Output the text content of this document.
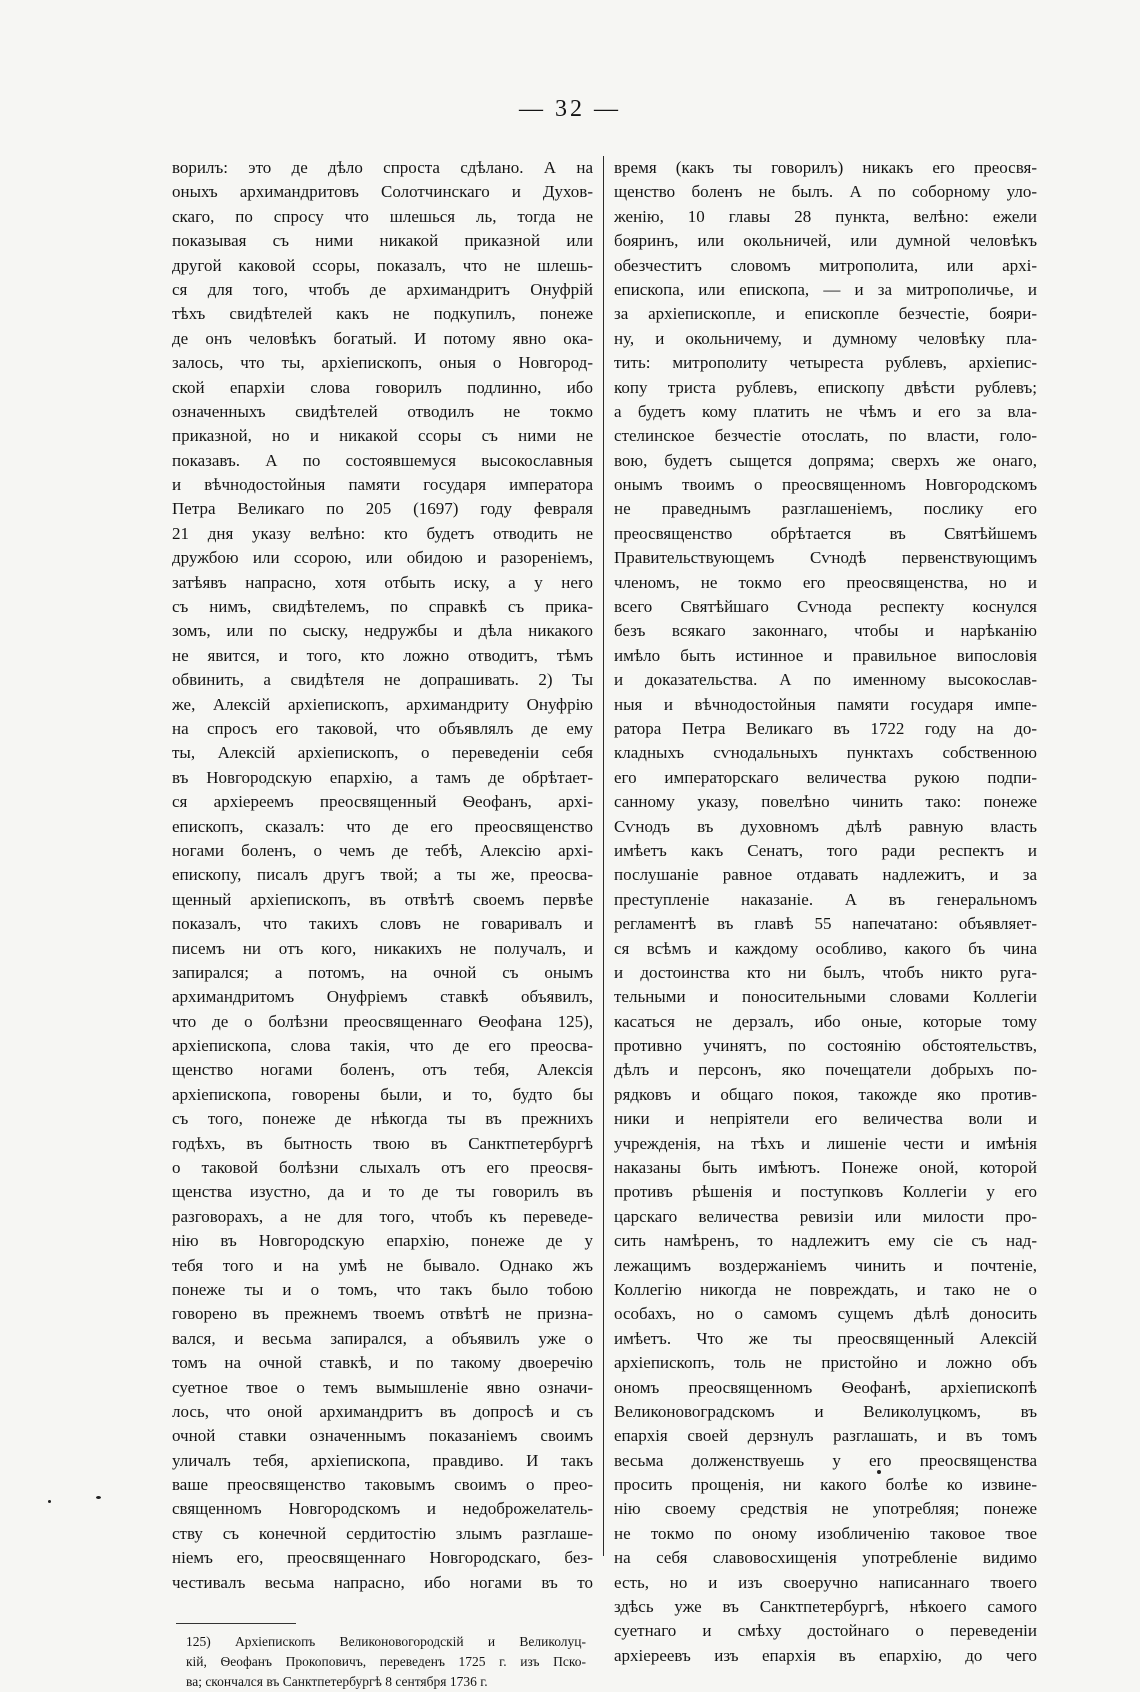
— 32 —
ворилъ: это де дѣло спроста сдѣлано. А на
оныхъ архимандритовъ Солотчинскаго и Духов-
скаго, по спросу что шлешься ль, тогда не
показывая съ ними никакой приказной или
другой каковой ссоры, показалъ, что не шлешь-
ся для того, чтобъ де архимандритъ Онуфрій
тѣхъ свидѣтелей какъ не подкупилъ, понеже
де онъ человѣкъ богатый. И потому явно ока-
залось, что ты, архіепископъ, оныя о Новгород-
ской епархіи слова говорилъ подлинно, ибо
означенныхъ свидѣтелей отводилъ не токмо
приказной, но и никакой ссоры съ ними не
показавъ. А по состоявшемуся высокославныя
и вѣчнодостойныя памяти государя императора
Петра Великаго по 205 (1697) году февраля
21 дня указу велѣно: кто будетъ отводить не
дружбою или ссорою, или обидою и разореніемъ,
затѣявъ напрасно, хотя отбыть иску, а у него
съ нимъ, свидѣтелемъ, по справкѣ съ прика-
зомъ, или по сыску, недружбы и дѣла никакого
не явится, и того, кто ложно отводитъ, тѣмъ
обвинить, а свидѣтеля не допрашивать. 2) Ты
же, Алексій архіепископъ, архимандриту Онуфрію
на спросъ его таковой, что объявлялъ де ему
ты, Алексій архіепископъ, о переведеніи себя
въ Новгородскую епархію, а тамъ де обрѣтает-
ся архіереемъ преосвященный Ѳеофанъ, архі-
епископъ, сказалъ: что де его преосвященство
ногами боленъ, о чемъ де тебѣ, Алексію архі-
епископу, писалъ другъ твой; а ты же, преосва-
щенный архіепископъ, въ отвѣтѣ своемъ первѣе
показалъ, что такихъ словъ не говаривалъ и
писемъ ни отъ кого, никакихъ не получалъ, и
запирался; а потомъ, на очной съ онымъ
архимандритомъ Онуфріемъ ставкѣ объявилъ,
что де о болѣзни преосвященнаго Ѳеофана 125),
архіепископа, слова такія, что де его преосва-
щенство ногами боленъ, отъ тебя, Алексія
архіепископа, говорены были, и то, будто бы
съ того, понеже де нѣкогда ты въ прежнихъ
годѣхъ, въ бытность твою въ Санктпетербургѣ
о таковой болѣзни слыхалъ отъ его преосвя-
щенства изустно, да и то де ты говорилъ въ
разговорахъ, а не для того, чтобъ къ переведе-
нію въ Новгородскую епархію, понеже де у
тебя того и на умѣ не бывало. Однако жъ
понеже ты и о томъ, что такъ было тобою
говорено въ прежнемъ твоемъ отвѣтѣ не призна-
вался, и весьма запирался, а объявилъ уже о
томъ на очной ставкѣ, и по такому двоеречію
суетное твое о темъ вымышленіе явно означи-
лось, что оной архимандритъ въ допросѣ и съ
очной ставки означеннымъ показаніемъ своимъ
уличалъ тебя, архіепископа, правдиво. И такъ
ваше преосвященство таковымъ своимъ о прео-
священномъ Новгородскомъ и недоброжелатель-
ству съ конечной сердитостію злымъ разглаше-
ніемъ его, преосвященнаго Новгородскаго, без-
честивалъ весьма напрасно, ибо ногами въ то
время (какъ ты говорилъ) никакъ его преосвя-
щенство боленъ не былъ. А по соборному уло-
женію, 10 главы 28 пункта, велѣно: ежели
бояринъ, или окольничей, или думной человѣкъ
обезчеститъ словомъ митрополита, или архі-
епископа, или епископа, — и за митрополичье, и
за архіепископле, и епископле безчестіе, бояри-
ну, и окольничему, и думному человѣку пла-
тить: митрополиту четыреста рублевъ, архіепис-
копу триста рублевъ, епископу двѣсти рублевъ;
а будетъ кому платить не чѣмъ и его за вла-
стелинское безчестіе отослать, по власти, голо-
вою, будетъ сыщется допряма; сверхъ же онаго,
онымъ твоимъ о преосвященномъ Новгородскомъ
не праведнымъ разглашеніемъ, послику его
преосвященство обрѣтается въ Святѣйшемъ
Правительствующемъ Сѵнодѣ первенствующимъ
членомъ, не токмо его преосвященства, но и
всего Святѣйшаго Сѵнода респекту коснулся
безъ всякаго законнаго, чтобы и нарѣканію
имѣло быть истинное и правильное випословія
и доказательства. А по именному высокослав-
ныя и вѣчнодостойныя памяти государя импе-
ратора Петра Великаго въ 1722 году на до-
кладныхъ сѵнодальныхъ пунктахъ собственною
его императорскаго величества рукою подпи-
санному указу, повелѣно чинить тако: понеже
Сѵнодъ въ духовномъ дѣлѣ равную власть
имѣетъ какъ Сенатъ, того ради респектъ и
послушаніе равное отдавать надлежитъ, и за
преступленіе наказаніе. А въ генеральномъ
регламентѣ въ главѣ 55 напечатано: объявляет-
ся всѣмъ и каждому особливо, какого бъ чина
и достоинства кто ни былъ, чтобъ никто руга-
тельными и поносительными словами Коллегіи
касаться не дерзалъ, ибо оные, которые тому
противно учинятъ, по состоянію обстоятельствъ,
дѣлъ и персонъ, яко почещатели добрыхъ по-
рядковъ и общаго покоя, такожде яко против-
ники и непріятели его величества воли и
учрежденія, на тѣхъ и лишеніе чести и имѣнія
наказаны быть имѣютъ. Понеже оной, которой
противъ рѣшенія и поступковъ Коллегіи у его
царскаго величества ревизіи или милости про-
сить намѣренъ, то надлежитъ ему сіе съ над-
лежащимъ воздержаніемъ чинить и почтеніе,
Коллегію никогда не повреждать, и тако не о
особахъ, но о самомъ сущемъ дѣлѣ доносить
имѣетъ. Что же ты преосвященный Алексій
архіепископъ, толь не пристойно и ложно объ
ономъ преосвященномъ Ѳеофанѣ, архіепископѣ
Великоновоградскомъ и Великолуцкомъ, въ
епархія своей дерзнулъ разглашать, и въ томъ
весьма долженствуешь у его преосвященства
просить прощенія, ни какого болѣе ко извине-
нію своему средствія не употребляя; понеже
не токмо по оному изобличенію таковое твое
на себя славовосхищенія употребленіе видимо
есть, но и изъ своеручно написаннаго твоего
здѣсь уже въ Санктпетербургѣ, нѣкоего самого
суетнаго и смѣху достойнаго о переведеніи
архіереевъ изъ епархія въ епархію, до чего
125) Архіепископъ Великоновогородскій и Великолуц-
кій, Ѳеофанъ Прокоповичъ, переведенъ 1725 г. изъ Пско-
ва; скончался въ Санктпетербургѣ 8 сентября 1736 г.
